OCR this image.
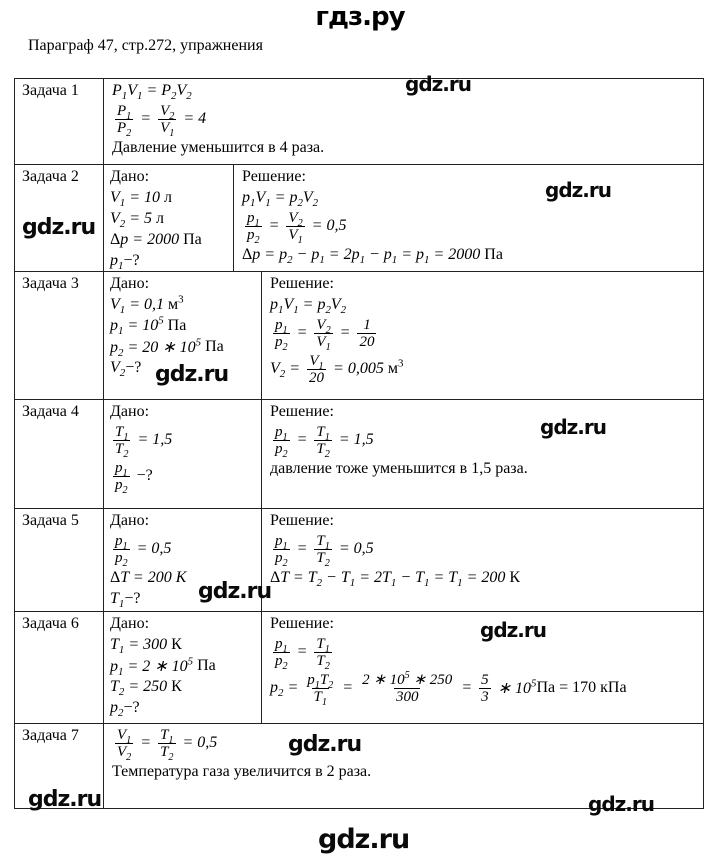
гдз.ру
Параграф 47, стр.272, упражнения
Задача 1	$P_1V_1 = P_2V_2$
$\frac{P_1}{P_2} = \frac{V_2}{V_1} = 4$
Давление уменьшится в 4 раза.
Задача 2	Дано:
$V_1 = 10$ л
$V_2 = 5$ л
Δ p = 2000 Па
$p_1$ −?
Решение:
$p_1V_1 = p_2V_2$
$\frac{p_1}{p_2} = \frac{V_2}{V_1} = 0,5$
Δ $p = p_2 - p_1 = 2p_1 - p_1 = p_1 = 2000$ Па
Задача 3	Дано:
$V_1 = 0,1$ $м^3$
$p_1 = 10^5$ Па
$p_2 = 20$ ∗ $10^5$ Па
$V_2$ −?
Решение:
$p_1V_1 = p_2V_2$
$\frac{p_1}{p_2} = \frac{V_2}{V_1} = \frac{1}{20}$
$V_2 = \frac{V_1}{20} = 0,005$ $м^3$
Задача 4	Дано:
$\frac{T_1}{T_2} = 1,5$
$\frac{p_1}{p_2}$ −?
Решение:
$\frac{p_1}{p_2} = \frac{T_1}{T_2} = 1,5$
давление тоже уменьшится в 1,5 раза.
Задача 5	Дано:
$\frac{p_1}{p_2} = 0,5$
Δ T = 200 K
$T_1$ −?
Решение:
$\frac{p_1}{p_2} = \frac{T_1}{T_2} = 0,5$
Δ $T = T_2 - T_1 = 2T_1 - T_1 = T_1 = 200$ К
Задача 6	Дано:
$T_1 = 300$ К
$p_1 = 2$ ∗ $10^5$ Па
$T_2 = 250$ К
$p_2$ −?
Решение:
$\frac{p_1}{p_2} = \frac{T_1}{T_2}$
$p_2 = \frac{p_1T_2}{T_1} = \frac{2 ∗ 10^5 ∗ 250}{300} = \frac{5}{3}$ ∗ $10^5$ Па = 170 кПа
Задача 7	$\frac{V_1}{V_2} = \frac{T_1}{T_2} = 0,5$
Температура газа увеличится в 2 раза.
gdz.ru
gdz.ru
gdz.ru
gdz.ru
gdz.ru
gdz.ru
gdz.ru
gdz.ru
gdz.ru	gdz.ru
gdz.ru
